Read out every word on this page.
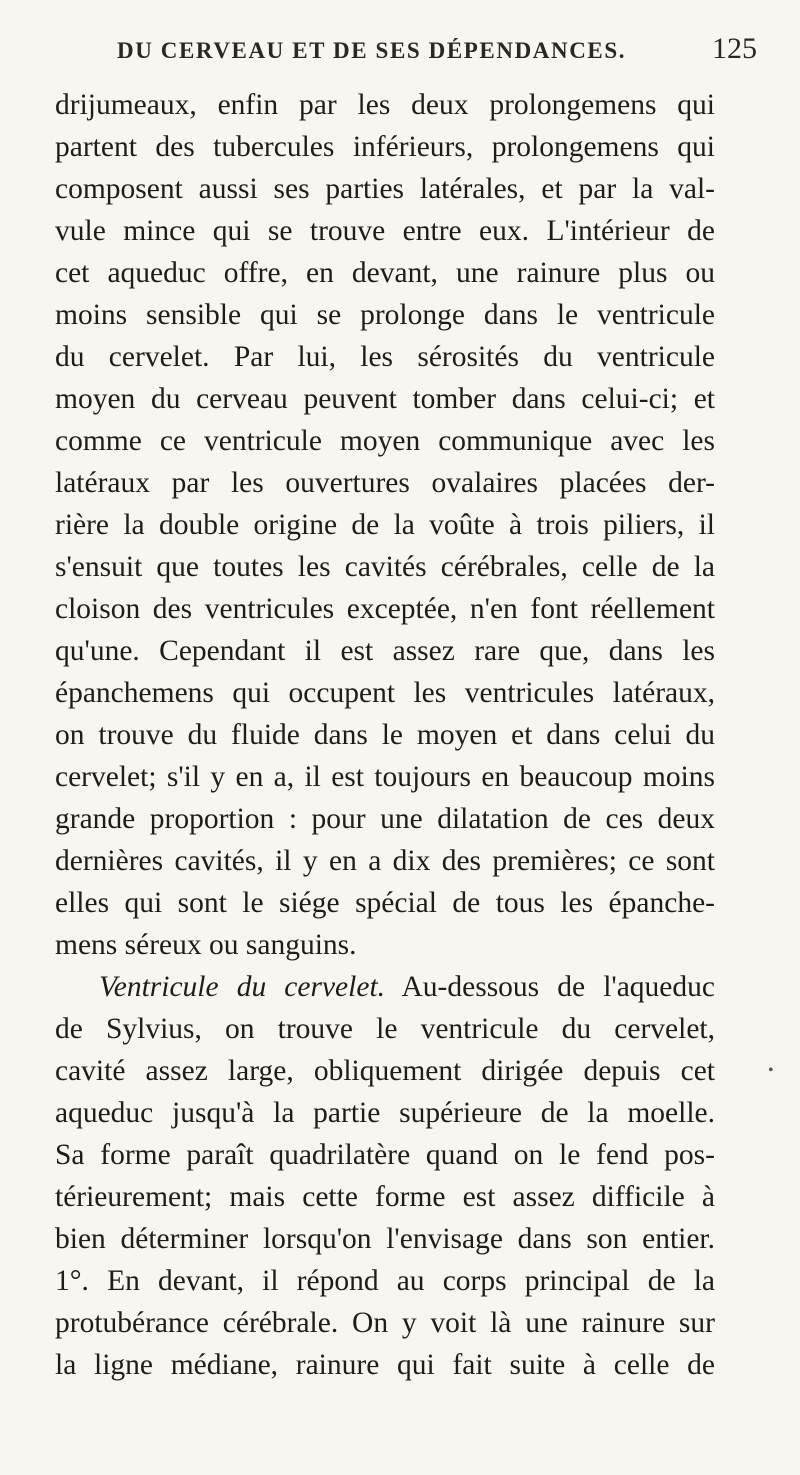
DU CERVEAU ET DE SES DÉPENDANCES.	125
drijumeaux, enfin par les deux prolongemens qui
partent des tubercules inférieurs, prolongemens qui
composent aussi ses parties latérales, et par la val-
vule mince qui se trouve entre eux. L'intérieur de
cet aqueduc offre, en devant, une rainure plus ou
moins sensible qui se prolonge dans le ventricule
du cervelet. Par lui, les sérosités du ventricule
moyen du cerveau peuvent tomber dans celui-ci; et
comme ce ventricule moyen communique avec les
latéraux par les ouvertures ovalaires placées der-
rière la double origine de la voûte à trois piliers, il
s'ensuit que toutes les cavités cérébrales, celle de la
cloison des ventricules exceptée, n'en font réellement
qu'une. Cependant il est assez rare que, dans les
épanchemens qui occupent les ventricules latéraux,
on trouve du fluide dans le moyen et dans celui du
cervelet; s'il y en a, il est toujours en beaucoup moins
grande proportion : pour une dilatation de ces deux
dernières cavités, il y en a dix des premières; ce sont
elles qui sont le siége spécial de tous les épanche-
mens séreux ou sanguins.
Ventricule du cervelet. Au-dessous de l'aqueduc
de Sylvius, on trouve le ventricule du cervelet,
cavité assez large, obliquement dirigée depuis cet
aqueduc jusqu'à la partie supérieure de la moelle.
Sa forme paraît quadrilatère quand on le fend pos-
térieurement; mais cette forme est assez difficile à
bien déterminer lorsqu'on l'envisage dans son entier.
1°. En devant, il répond au corps principal de la
protubérance cérébrale. On y voit là une rainure sur
la ligne médiane, rainure qui fait suite à celle de
•
